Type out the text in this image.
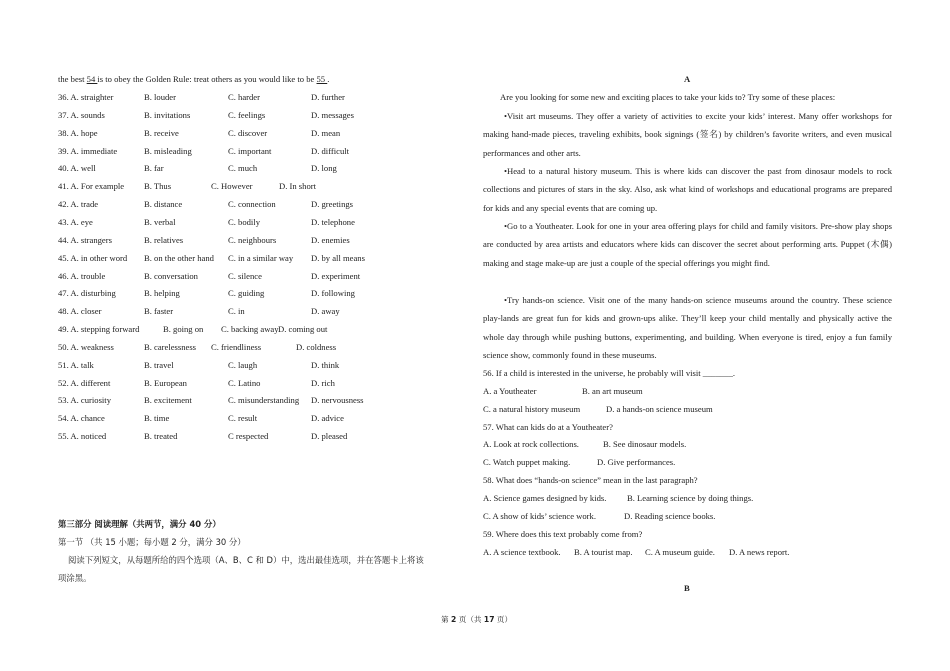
the best 54 is to obey the Golden Rule: treat others as you would like to be 55 .
36. A. straighter	B. louder	C. harder	D. further
37. A. sounds	B. invitations	C. feelings	D. messages
38. A. hope	B. receive	C. discover	D. mean
39. A. immediate	B. misleading	C. important	D. difficult
40. A. well	B. far	C. much	D. long
41. A. For example B. Thus	C. However	D. In short
42. A. trade	B. distance	C. connection	D. greetings
43. A. eye	B. verbal	C. bodily	D. telephone
44. A. strangers	B. relatives	C. neighbours	D. enemies
45. A. in other word B. on the other hand C. in a similar way D. by all means
46. A. trouble	B. conversation	C. silence	D. experiment
47. A. disturbing	B. helping	C. guiding	D. following
48. A. closer	B. faster	C. in	D. away
49. A. stepping forward	B. going on C. backing away D. coming out
50. A. weakness	B. carelessness C. friendliness	D. coldness
51. A. talk	B. travel	C. laugh	D. think
52. A. different	B. European	C. Latino	D. rich
53. A. curiosity	B. excitement	C. misunderstanding D. nervousness
54. A. chance	B. time	C. result	D. advice
55. A. noticed	B. treated	C respected	D. pleased
第三部分 阅读理解（共两节，满分 40 分）
第一节 （共 15 小题；每小题 2 分，满分 30 分）
阅读下列短文，从每题所给的四个选项（A、B、C 和 D）中，选出最佳选项，并在答题卡上将该
项涂黑。
A
Are you looking for some new and exciting places to take your kids to? Try some of these places:
•Visit art museums. They offer a variety of activities to excite your kids’ interest. Many offer workshops for making hand-made pieces, traveling exhibits, book signings (签名) by children’s favorite writers, and even musical performances and other arts.
•Head to a natural history museum. This is where kids can discover the past from dinosaur models to rock collections and pictures of stars in the sky. Also, ask what kind of workshops and educational programs are prepared for kids and any special events that are coming up.
•Go to a Youtheater. Look for one in your area offering plays for child and family visitors. Pre-show play shops are conducted by area artists and educators where kids can discover the secret about performing arts. Puppet (木偶) making and stage make-up are just a couple of the special offerings you might find.
•Try hands-on science. Visit one of the many hands-on science museums around the country. These science play-lands are great fun for kids and grown-ups alike. They’ll keep your child mentally and physically active the whole day through while pushing buttons, experimenting, and building. When everyone is tired, enjoy a fun family science show, commonly found in these museums.
56. If a child is interested in the universe, he probably will visit _______.
A. a Youtheater	B. an art museum
C. a natural history museum	D. a hands-on science museum
57. What can kids do at a Youtheater?
A. Look at rock collections.	B. See dinosaur models.
C. Watch puppet making.	D. Give performances.
58. What does “hands-on science” mean in the last paragraph?
A. Science games designed by kids. B. Learning science by doing things.
C. A show of kids’ science work.	D. Reading science books.
59. Where does this text probably come from?
A. A science textbook. B. A tourist map. C. A museum guide. D. A news report.
B
第 2 页（共 17 页）
